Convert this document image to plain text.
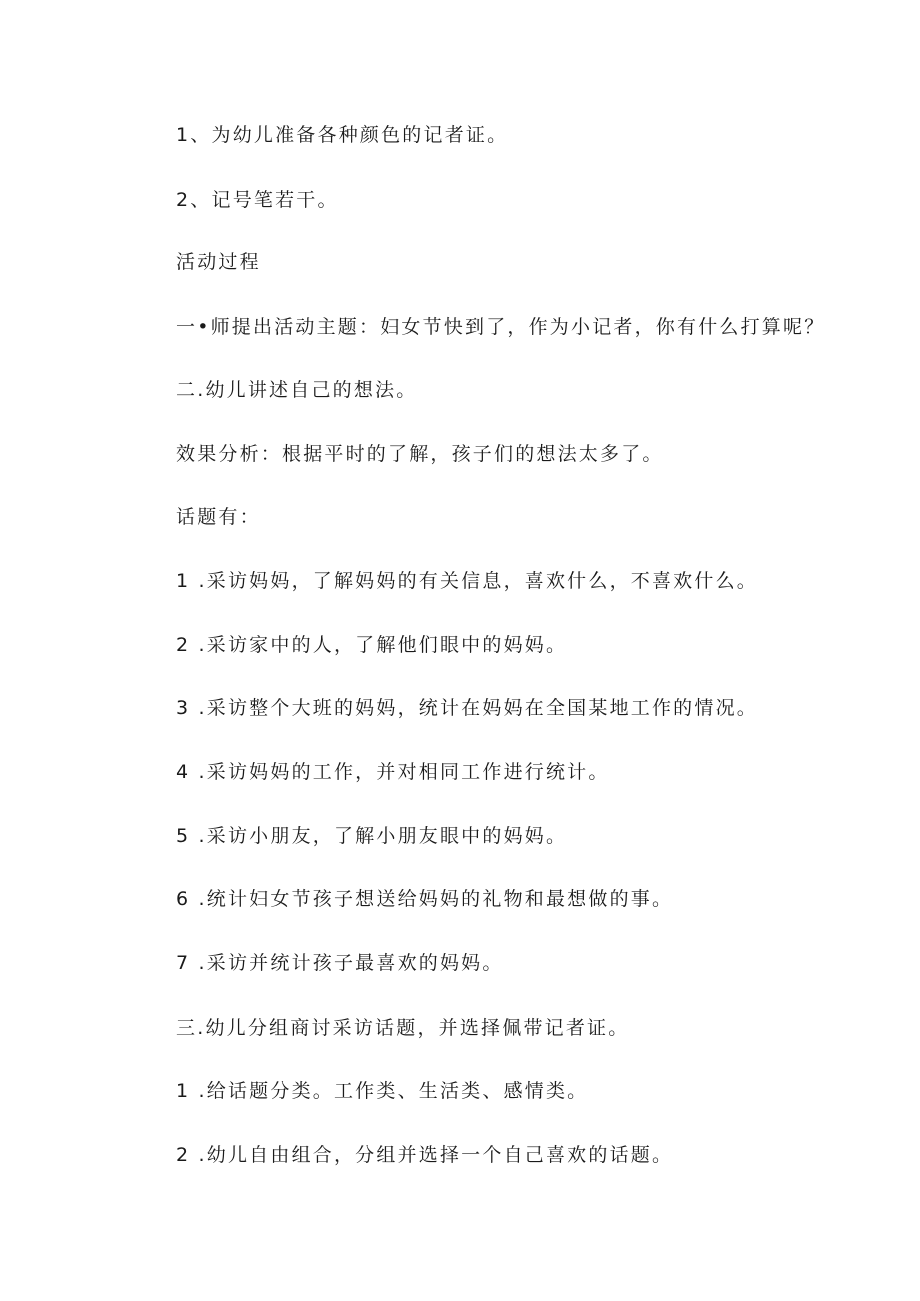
1、为幼儿准备各种颜色的记者证。

2、记号笔若干。

活动过程

一•师提出活动主题：妇女节快到了，作为小记者，你有什么打算呢？

二.幼儿讲述自己的想法。

效果分析：根据平时的了解，孩子们的想法太多了。

话题有：

1 .采访妈妈，了解妈妈的有关信息，喜欢什么，不喜欢什么。

2 .采访家中的人，了解他们眼中的妈妈。

3 .采访整个大班的妈妈，统计在妈妈在全国某地工作的情况。

4 .采访妈妈的工作，并对相同工作进行统计。

5 .采访小朋友，了解小朋友眼中的妈妈。

6 .统计妇女节孩子想送给妈妈的礼物和最想做的事。

7 .采访并统计孩子最喜欢的妈妈。

三.幼儿分组商讨采访话题，并选择佩带记者证。

1 .给话题分类。工作类、生活类、感情类。

2 .幼儿自由组合，分组并选择一个自己喜欢的话题。
